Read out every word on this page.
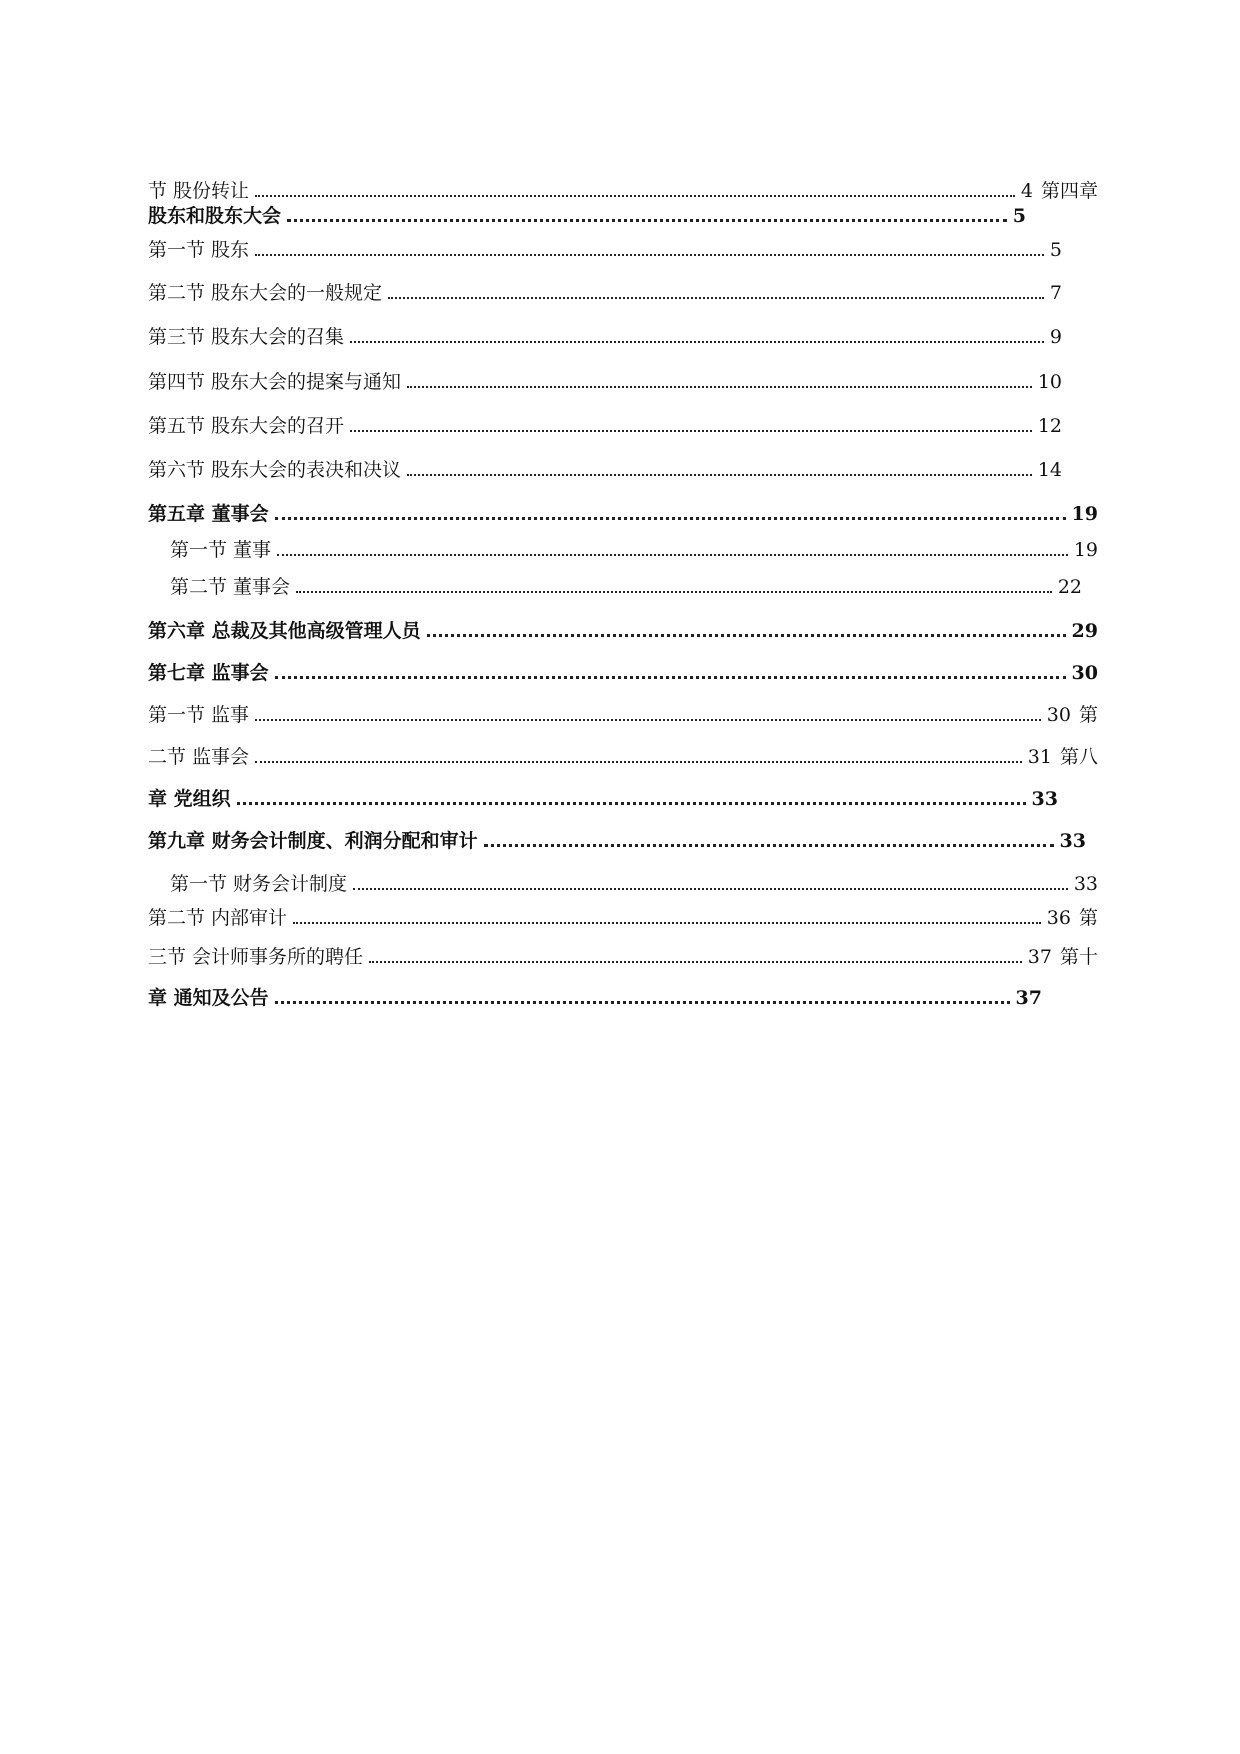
节 股份转让	4 第四章
股东和股东大会	5
第一节 股东	5
第二节 股东大会的一般规定	7
第三节 股东大会的召集	9
第四节 股东大会的提案与通知	10
第五节 股东大会的召开	12
第六节 股东大会的表决和决议	14
第五章 董事会	19
第一节 董事	19
第二节 董事会	22
第六章 总裁及其他高级管理人员	29
第七章 监事会	30
第一节 监事	30 第
二节 监事会	31 第八
章 党组织	33
第九章 财务会计制度、利润分配和审计	33
第一节 财务会计制度	33
第二节 内部审计	36 第
三节 会计师事务所的聘任	37 第十
章 通知及公告	37
